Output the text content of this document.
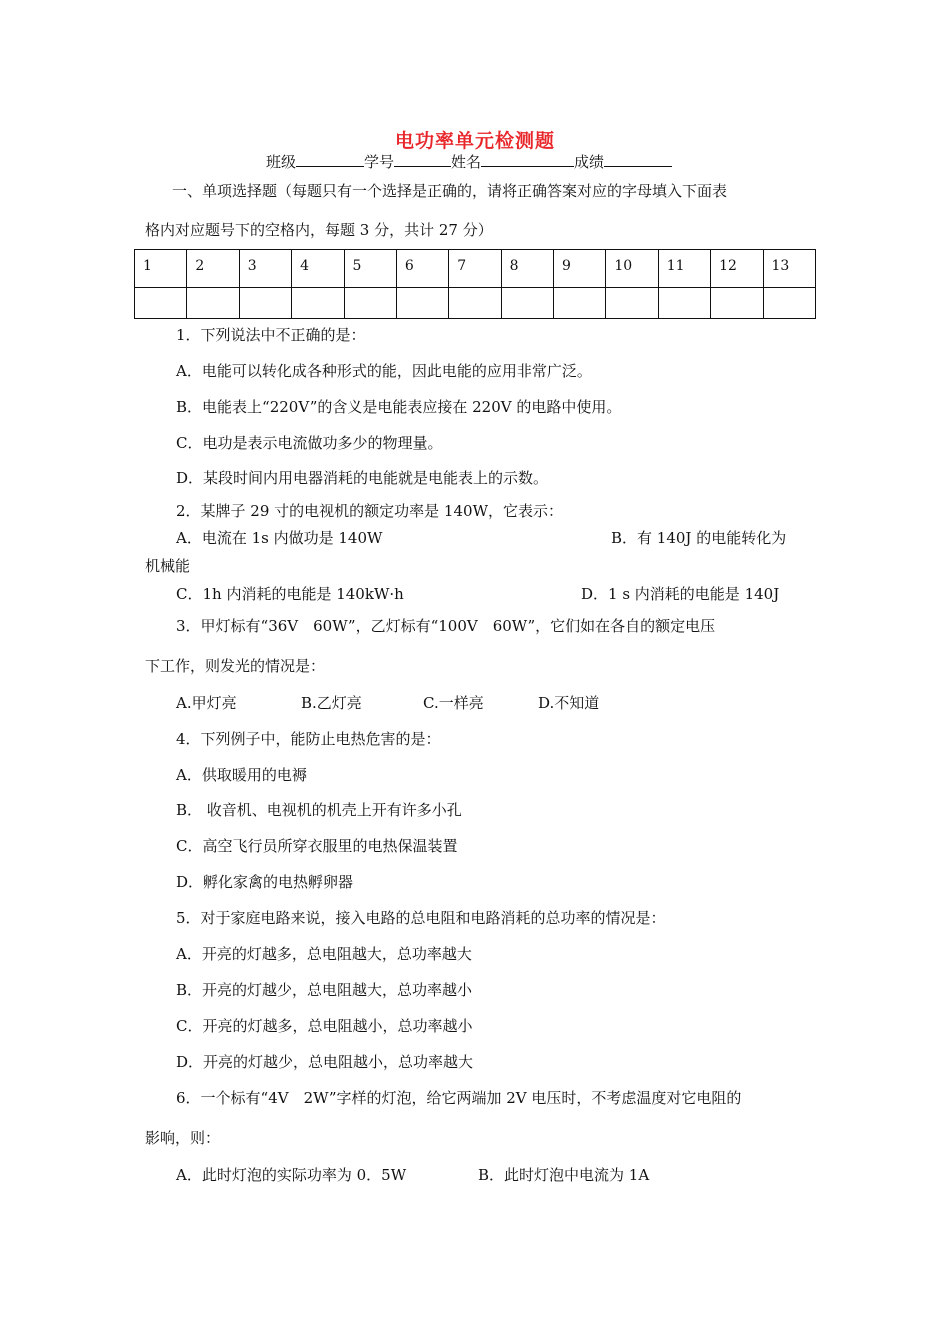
电功率单元检测题
班级	学号	姓名	成绩
一、单项选择题（每题只有一个选择是正确的，请将正确答案对应的字母填入下面表
格内对应题号下的空格内，每题 3 分，共计 27 分）
1	2	3	4	5	6	7	8	9	10	11	12	13

1．下列说法中不正确的是：
A．电能可以转化成各种形式的能，因此电能的应用非常广泛。
B．电能表上“220V”的含义是电能表应接在 220V 的电路中使用。
C．电功是表示电流做功多少的物理量。
D．某段时间内用电器消耗的电能就是电能表上的示数。
2．某牌子 29 寸的电视机的额定功率是 140W，它表示：
A．电流在 1s 内做功是 140W	B．有 140J 的电能转化为
机械能
C．1h 内消耗的电能是 140kW·h	D．1 s 内消耗的电能是 140J
3．甲灯标有“36V　60W”，乙灯标有“100V　60W”，它们如在各自的额定电压
下工作，则发光的情况是：
A.甲灯亮	B.乙灯亮	C.一样亮	D.不知道
4．下列例子中，能防止电热危害的是：
A．供取暖用的电褥
B． 收音机、电视机的机壳上开有许多小孔
C．高空飞行员所穿衣服里的电热保温装置
D．孵化家禽的电热孵卵器
5．对于家庭电路来说，接入电路的总电阻和电路消耗的总功率的情况是：
A．开亮的灯越多，总电阻越大，总功率越大
B．开亮的灯越少，总电阻越大，总功率越小
C．开亮的灯越多，总电阻越小，总功率越小
D．开亮的灯越少，总电阻越小，总功率越大
6．一个标有“4V　2W”字样的灯泡，给它两端加 2V 电压时，不考虑温度对它电阻的
影响，则：
A．此时灯泡的实际功率为 0．5W	B．此时灯泡中电流为 1A
